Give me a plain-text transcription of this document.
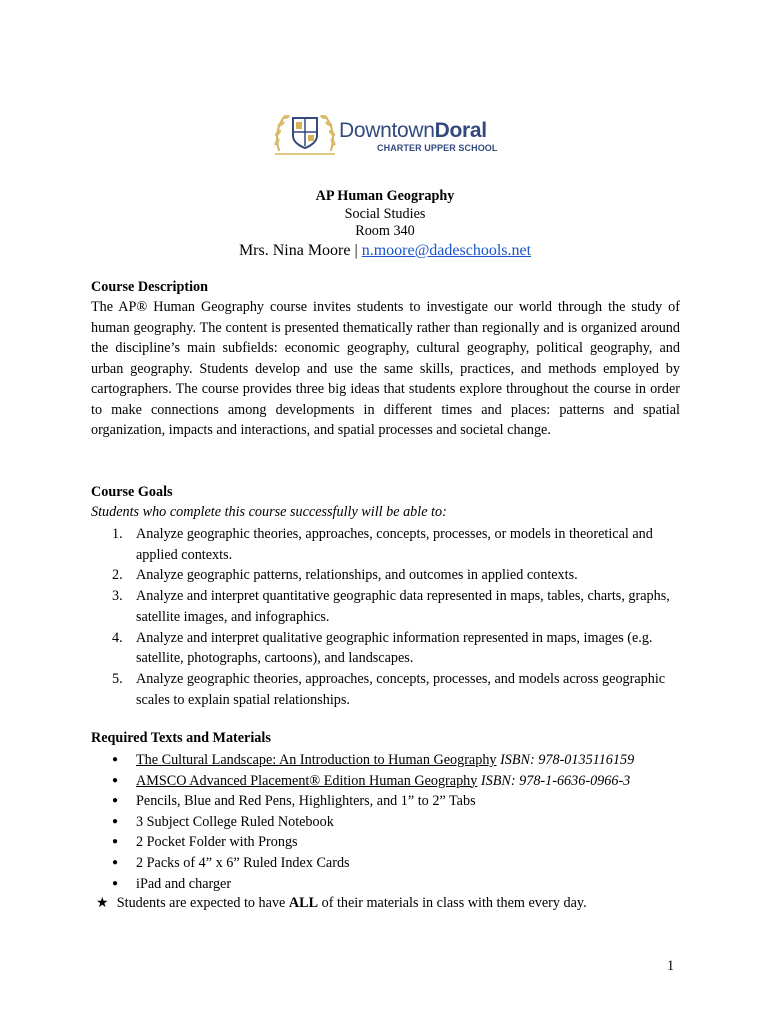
DowntownDoral
CHARTER UPPER SCHOOL
AP Human Geography
Social Studies
Room 340
Mrs. Nina Moore | n.moore@dadeschools.net
Course Description
The AP® Human Geography course invites students to investigate our world through the study of human geography. The content is presented thematically rather than regionally and is organized around the discipline’s main subfields: economic geography, cultural geography, political geography, and urban geography. Students develop and use the same skills, practices, and methods employed by cartographers. The course provides three big ideas that students explore throughout the course in order to make connections among developments in different times and places: patterns and spatial organization, impacts and interactions, and spatial processes and societal change.
Course Goals
Students who complete this course successfully will be able to:
1. Analyze geographic theories, approaches, concepts, processes, or models in theoretical and applied contexts.
2. Analyze geographic patterns, relationships, and outcomes in applied contexts.
3. Analyze and interpret quantitative geographic data represented in maps, tables, charts, graphs, satellite images, and infographics.
4. Analyze and interpret qualitative geographic information represented in maps, images (e.g. satellite, photographs, cartoons), and landscapes.
5. Analyze geographic theories, approaches, concepts, processes, and models across geographic scales to explain spatial relationships.
Required Texts and Materials
● The Cultural Landscape: An Introduction to Human Geography ISBN: 978-0135116159
● AMSCO Advanced Placement® Edition Human Geography ISBN: 978-1-6636-0966-3
● Pencils, Blue and Red Pens, Highlighters, and 1” to 2” Tabs
● 3 Subject College Ruled Notebook
● 2 Pocket Folder with Prongs
● 2 Packs of 4” x 6” Ruled Index Cards
● iPad and charger
★ Students are expected to have ALL of their materials in class with them every day.
1
